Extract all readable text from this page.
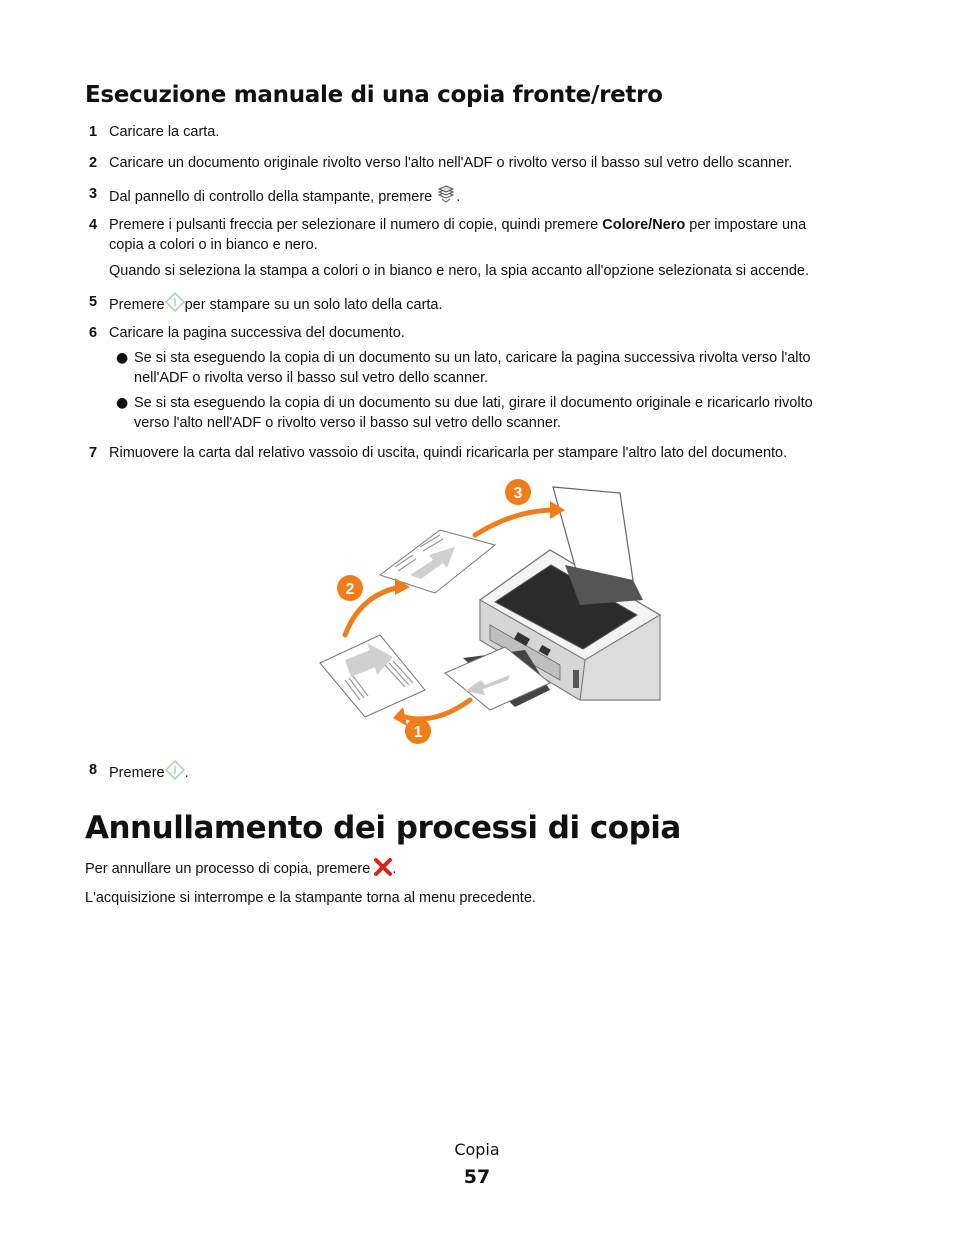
Esecuzione manuale di una copia fronte/retro
1 Caricare la carta.
2 Caricare un documento originale rivolto verso l'alto nell'ADF o rivolto verso il basso sul vetro dello scanner.
3 Dal pannello di controllo della stampante, premere .
4 Premere i pulsanti freccia per selezionare il numero di copie, quindi premere Colore/Nero per impostare una
copia a colori o in bianco e nero.
Quando si seleziona la stampa a colori o in bianco e nero, la spia accanto all'opzione selezionata si accende.
5 Premere per stampare su un solo lato della carta.
6 Caricare la pagina successiva del documento.
● Se si sta eseguendo la copia di un documento su un lato, caricare la pagina successiva rivolta verso l'alto
nell'ADF o rivolta verso il basso sul vetro dello scanner.
● Se si sta eseguendo la copia di un documento su due lati, girare il documento originale e ricaricarlo rivolto
verso l'alto nell'ADF o rivolto verso il basso sul vetro dello scanner.
7 Rimuovere la carta dal relativo vassoio di uscita, quindi ricaricarla per stampare l'altro lato del documento.
1
2
3
8 Premere .
Annullamento dei processi di copia
Per annullare un processo di copia, premere .
L'acquisizione si interrompe e la stampante torna al menu precedente.
Copia
57
